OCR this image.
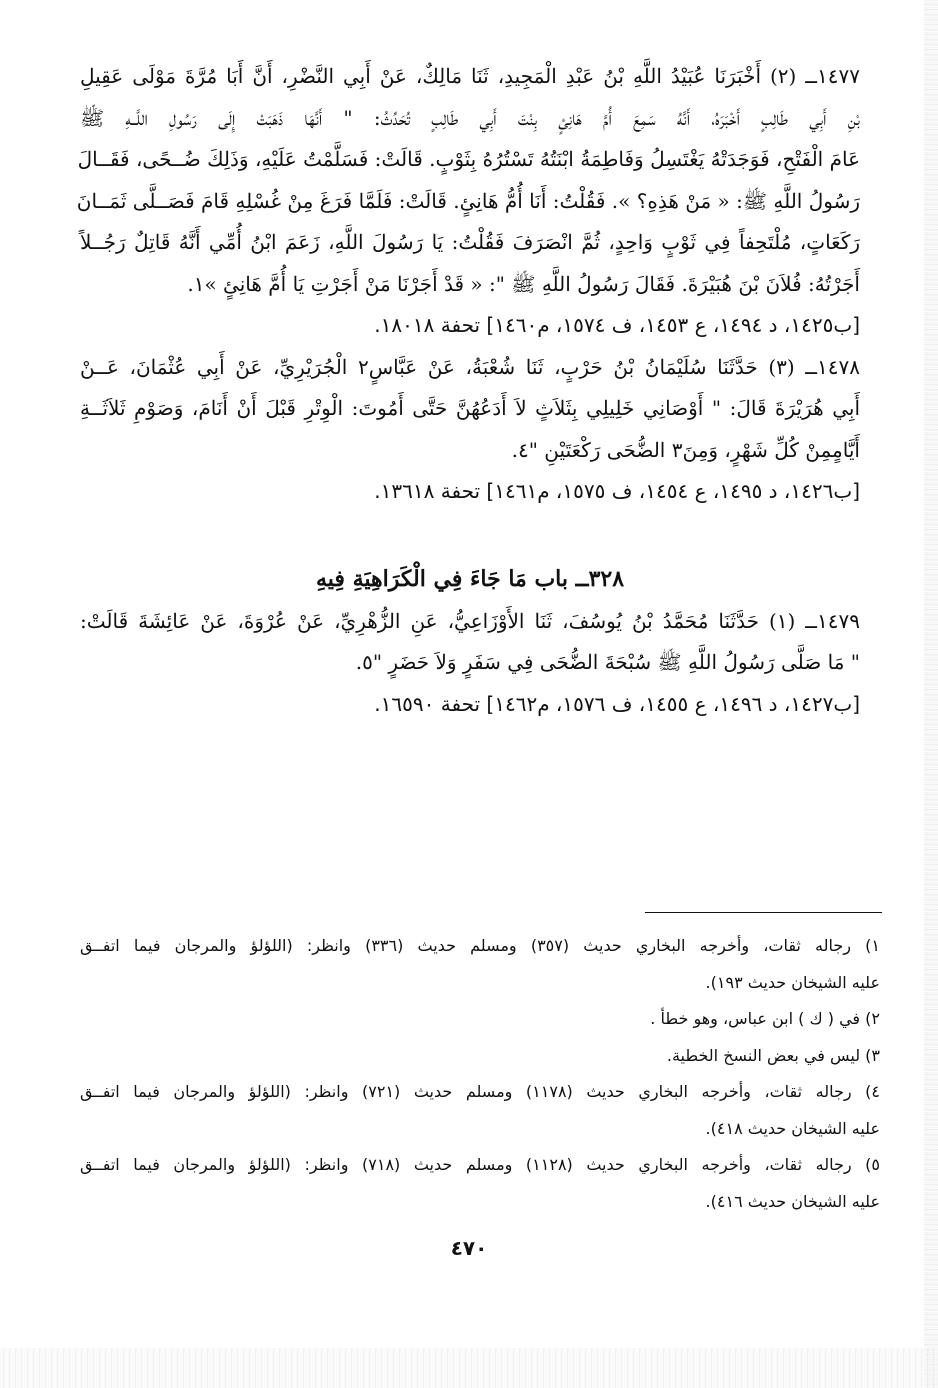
١٤٧٧ــ (٢) أَخْبَرَنَا عُبَيْدُ اللَّهِ بْنُ عَبْدِ الْمَجِيدِ، ثَنَا مَالِكٌ، عَنْ أَبِي النَّضْرِ، أَنَّ أَبَا مُرَّةَ مَوْلَى عَقِيلِ
بْنِ أَبِي طَالِبٍ أَخْبَرَهُ، أَنَّهُ سَمِعَ أُمَّ هَانِئٍ بِنْتَ أَبِي طَالِبٍ تُحَدِّثُ: " أَنَّهَا ذَهَبَتْ إِلَى رَسُولِ اللَّــهِ ﷺ
عَامَ الْفَتْحِ، فَوَجَدَتْهُ يَغْتَسِلُ وَفَاطِمَةُ ابْنَتُهُ تَسْتُرُهُ بِثَوْبٍ. قَالَتْ: فَسَلَّمْتُ عَلَيْهِ، وَذَلِكَ ضُــحًى، فَقَــالَ
رَسُولُ اللَّهِ ﷺ: « مَنْ هَذِهِ؟ ». فَقُلْتُ: أَنَا أُمُّ هَانِئٍ. قَالَتْ: فَلَمَّا فَرَغَ مِنْ غُسْلِهِ قَامَ فَصَــلَّى ثَمَــانَ
رَكَعَاتٍ، مُلْتَحِفاً فِي ثَوْبٍ وَاحِدٍ، ثُمَّ انْصَرَفَ فَقُلْتُ: يَا رَسُولَ اللَّهِ، زَعَمَ ابْنُ أُمِّي أَنَّهُ قَاتِلٌ رَجُــلاً
أَجَرْتُهُ: فُلاَنَ بْنَ هُبَيْرَةَ. فَقَالَ رَسُولُ اللَّهِ ﷺ ": « قَدْ أَجَرْنَا مَنْ أَجَرْتِ يَا أُمَّ هَانِئٍ »١.
[ب١٤٢٥، د ١٤٩٤، ع ١٤٥٣، ف ١٥٧٤، م١٤٦٠] تحفة ١٨٠١٨.
١٤٧٨ــ (٣) حَدَّثَنَا سُلَيْمَانُ بْنُ حَرْبٍ، ثَنَا شُعْبَةُ، عَنْ عَبَّاسٍ٢ الْجُرَيْرِيِّ، عَنْ أَبِي عُثْمَانَ، عَــنْ
أَبِي هُرَيْرَةَ قَالَ: " أَوْصَانِي خَلِيلِي بِثَلاَثٍ لاَ أَدَعُهُنَّ حَتَّى أَمُوتَ: الْوِتْرِ قَبْلَ أَنْ أَنَامَ، وَصَوْمِ ثَلاَثَــةِ
أَيَّامٍمِنْ كُلِّ شَهْرٍ، وَمِنَ٣ الضُّحَى رَكْعَتَيْنِ "٤.
[ب١٤٢٦، د ١٤٩٥، ع ١٤٥٤، ف ١٥٧٥، م١٤٦١] تحفة ١٣٦١٨.
٣٢٨ــ باب مَا جَاءَ فِي الْكَرَاهِيَةِ فِيهِ
١٤٧٩ــ (١) حَدَّثَنَا مُحَمَّدُ بْنُ يُوسُفَ، ثَنَا الأَوْزَاعِيُّ، عَنِ الزُّهْرِيِّ، عَنْ عُرْوَةَ، عَنْ عَائِشَةَ قَالَتْ:
" مَا صَلَّى رَسُولُ اللَّهِ ﷺ سُبْحَةَ الضُّحَى فِي سَفَرٍ وَلاَ حَضَرٍ "٥.
[ب١٤٢٧، د ١٤٩٦، ع ١٤٥٥، ف ١٥٧٦، م١٤٦٢] تحفة ١٦٥٩٠.
١) رجاله ثقات، وأخرجه البخاري حديث (٣٥٧) ومسلم حديث (٣٣٦) وانظر: (اللؤلؤ والمرجان فيما اتفــق
عليه الشيخان حديث ١٩٣).
٢) في ( ك ) ابن عباس، وهو خطأ .
٣) ليس في بعض النسخ الخطية.
٤) رجاله ثقات، وأخرجه البخاري حديث (١١٧٨) ومسلم حديث (٧٢١) وانظر: (اللؤلؤ والمرجان فيما اتفــق
عليه الشيخان حديث ٤١٨).
٥) رجاله ثقات، وأخرجه البخاري حديث (١١٢٨) ومسلم حديث (٧١٨) وانظر: (اللؤلؤ والمرجان فيما اتفــق
عليه الشيخان حديث ٤١٦).
٤٧٠
